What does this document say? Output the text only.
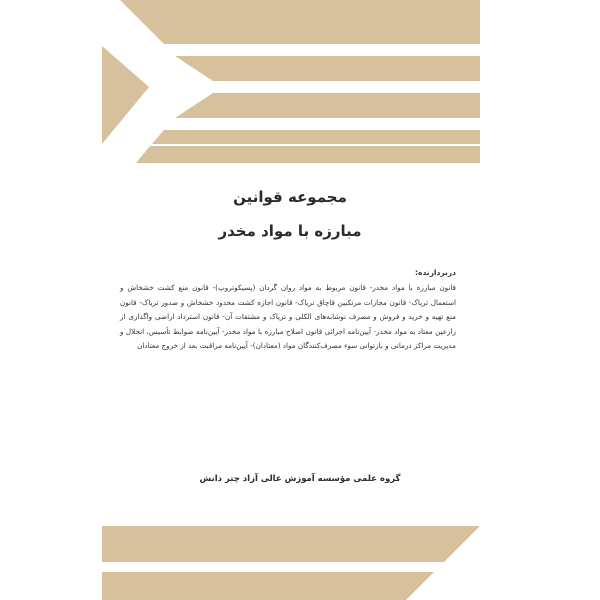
مجموعه قوانین
مبارزه با مواد مخدر
دربردارنده:
قانون مبارزه با مواد مخدر- قانون مربوط به مواد روان گردان (پسیکوتروپ)- قانون منع کشت خشخاش و استعمال تریاک- قانون مجازات مرتکبین قاچاق تریاک- قانون اجازه کشت محدود خشخاش و صدور تریاک- قانون منع تهیه و خرید و فروش و مصرف نوشابه‌های الکلی و تریاک و مشتقات آن- قانون استرداد اراضی واگذاری از زارعین معتاد به مواد مخدر- آیین‌نامه اجرائی قانون اصلاح مبارزه با مواد مخدر- آیین‌نامه ضوابط تأسیس، انحلال و مدیریت مراکز درمانی و بازتوانی سوء مصرف‌کنندگان مواد (معتادان)- آیین‌نامه مراقبت بعد از خروج معتادان
گروه علمی مؤسسه آموزش عالی آزاد چتر دانش
